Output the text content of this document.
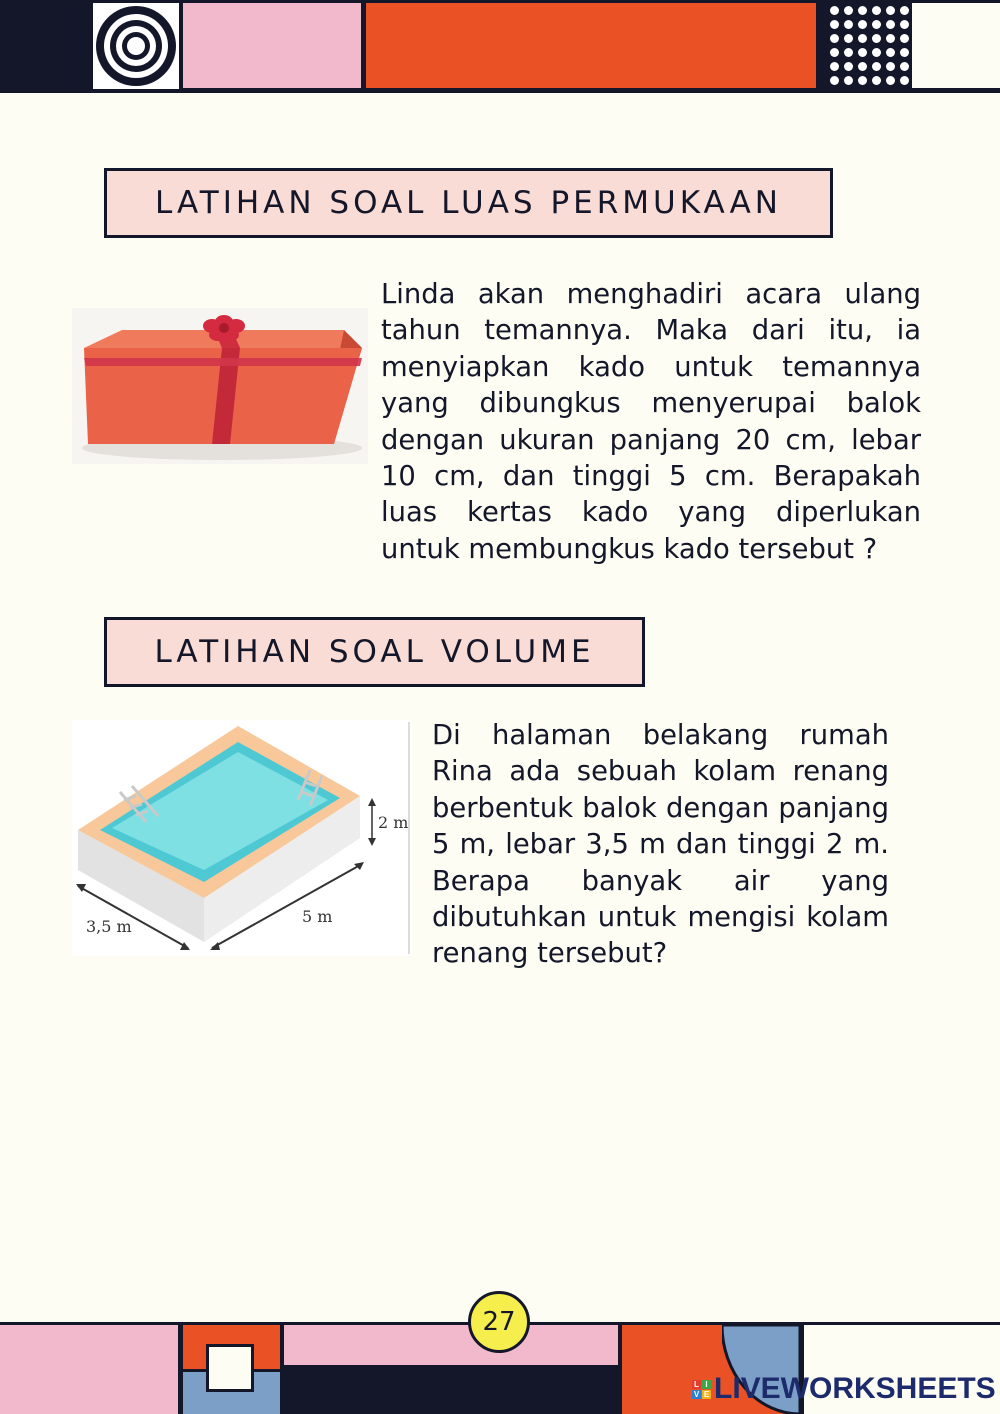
LATIHAN SOAL LUAS PERMUKAAN
Linda akan menghadiri acara ulang tahun temannya. Maka dari itu, ia menyiapkan kado untuk temannya yang dibungkus menyerupai balok dengan ukuran panjang 20 cm, lebar 10 cm, dan tinggi 5 cm. Berapakah luas kertas kado yang diperlukan untuk membungkus kado tersebut ?
LATIHAN SOAL VOLUME
2 m
3,5 m
5 m
Di halaman belakang rumah Rina ada sebuah kolam renang berbentuk balok dengan panjang 5 m, lebar 3,5 m dan tinggi 2 m. Berapa banyak air yang dibutuhkan untuk mengisi kolam renang tersebut?
27
L I
V E LIVEWORKSHEETS
